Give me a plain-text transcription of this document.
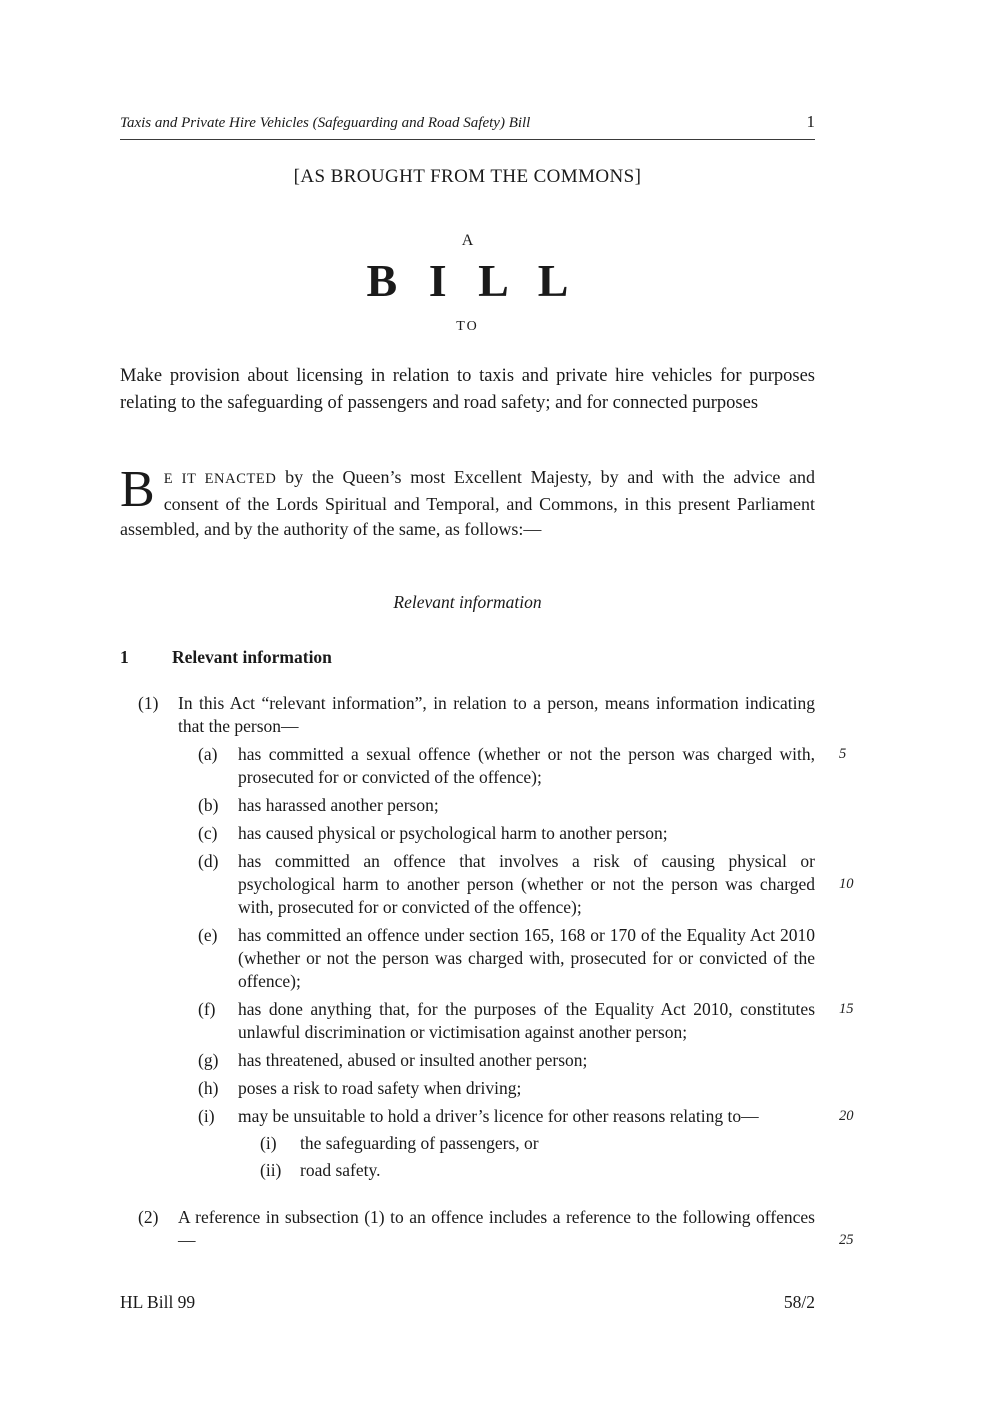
Taxis and Private Hire Vehicles (Safeguarding and Road Safety) Bill	1
[AS BROUGHT FROM THE COMMONS]
A
B I L L
TO

Make provision about licensing in relation to taxis and private hire vehicles for purposes relating to the safeguarding of passengers and road safety; and for connected purposes

B E IT ENACTED by the Queen’s most Excellent Majesty, by and with the advice and consent of the Lords Spiritual and Temporal, and Commons, in this present Parliament assembled, and by the authority of the same, as follows:—

Relevant information
1	Relevant information
(1)	In this Act “relevant information”, in relation to a person, means information indicating that the person—

(a)	has committed a sexual offence (whether or not the person was charged with, prosecuted for or convicted of the offence);

5
(b)	has harassed another person;

(c)	has caused physical or psychological harm to another person;

(d)	has committed an offence that involves a risk of causing physical or psychological harm to another person (whether or not the person was charged with, prosecuted for or convicted of the offence);

10
(e)	has committed an offence under section 165, 168 or 170 of the Equality Act 2010 (whether or not the person was charged with, prosecuted for or convicted of the offence);

(f)	has done anything that, for the purposes of the Equality Act 2010, constitutes unlawful discrimination or victimisation against another person;

15
(g)	has threatened, abused or insulted another person;

(h)	poses a risk to road safety when driving;

(i)	may be unsuitable to hold a driver’s licence for other reasons relating to—

(i)	the safeguarding of passengers, or

(ii)	road safety.

20
(2)	A reference in subsection (1) to an offence includes a reference to the following offences—	25
HL Bill 99	58/2
